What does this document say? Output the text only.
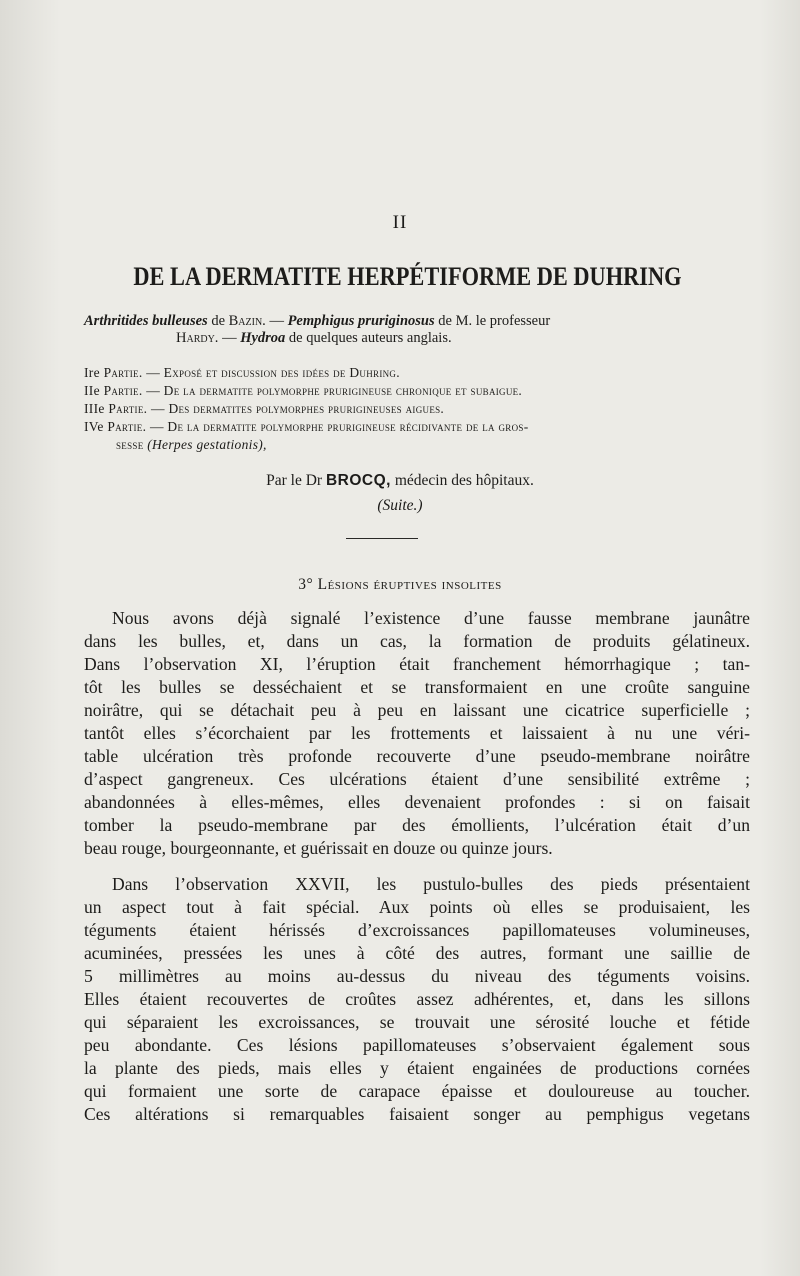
II
DE LA DERMATITE HERPÉTIFORME DE DUHRING
Arthritides bulleuses de Bazin. — Pemphigus pruriginosus de M. le professeur
Hardy. — Hydroa de quelques auteurs anglais.
Ire Partie. — Exposé et discussion des idées de Duhring.
IIe Partie. — De la dermatite polymorphe prurigineuse chronique et subaigue.
IIIe Partie. — Des dermatites polymorphes prurigineuses aigues.
IVe Partie. — De la dermatite polymorphe prurigineuse récidivante de la gros-
sesse (Herpes gestationis),
Par le Dr BROCQ, médecin des hôpitaux.
(Suite.)
3° Lésions éruptives insolites
Nous avons déjà signalé l’existence d’une fausse membrane jaunâtre
dans les bulles, et, dans un cas, la formation de produits gélatineux.
Dans l’observation XI, l’éruption était franchement hémorrhagique ; tan-
tôt les bulles se desséchaient et se transformaient en une croûte sanguine
noirâtre, qui se détachait peu à peu en laissant une cicatrice superficielle ;
tantôt elles s’écorchaient par les frottements et laissaient à nu une véri-
table ulcération très profonde recouverte d’une pseudo-membrane noirâtre
d’aspect gangreneux. Ces ulcérations étaient d’une sensibilité extrême ;
abandonnées à elles-mêmes, elles devenaient profondes : si on faisait
tomber la pseudo-membrane par des émollients, l’ulcération était d’un
beau rouge, bourgeonnante, et guérissait en douze ou quinze jours.
Dans l’observation XXVII, les pustulo-bulles des pieds présentaient
un aspect tout à fait spécial. Aux points où elles se produisaient, les
téguments étaient hérissés d’excroissances papillomateuses volumineuses,
acuminées, pressées les unes à côté des autres, formant une saillie de
5 millimètres au moins au-dessus du niveau des téguments voisins.
Elles étaient recouvertes de croûtes assez adhérentes, et, dans les sillons
qui séparaient les excroissances, se trouvait une sérosité louche et fétide
peu abondante. Ces lésions papillomateuses s’observaient également sous
la plante des pieds, mais elles y étaient engainées de productions cornées
qui formaient une sorte de carapace épaisse et douloureuse au toucher.
Ces altérations si remarquables faisaient songer au pemphigus vegetans
